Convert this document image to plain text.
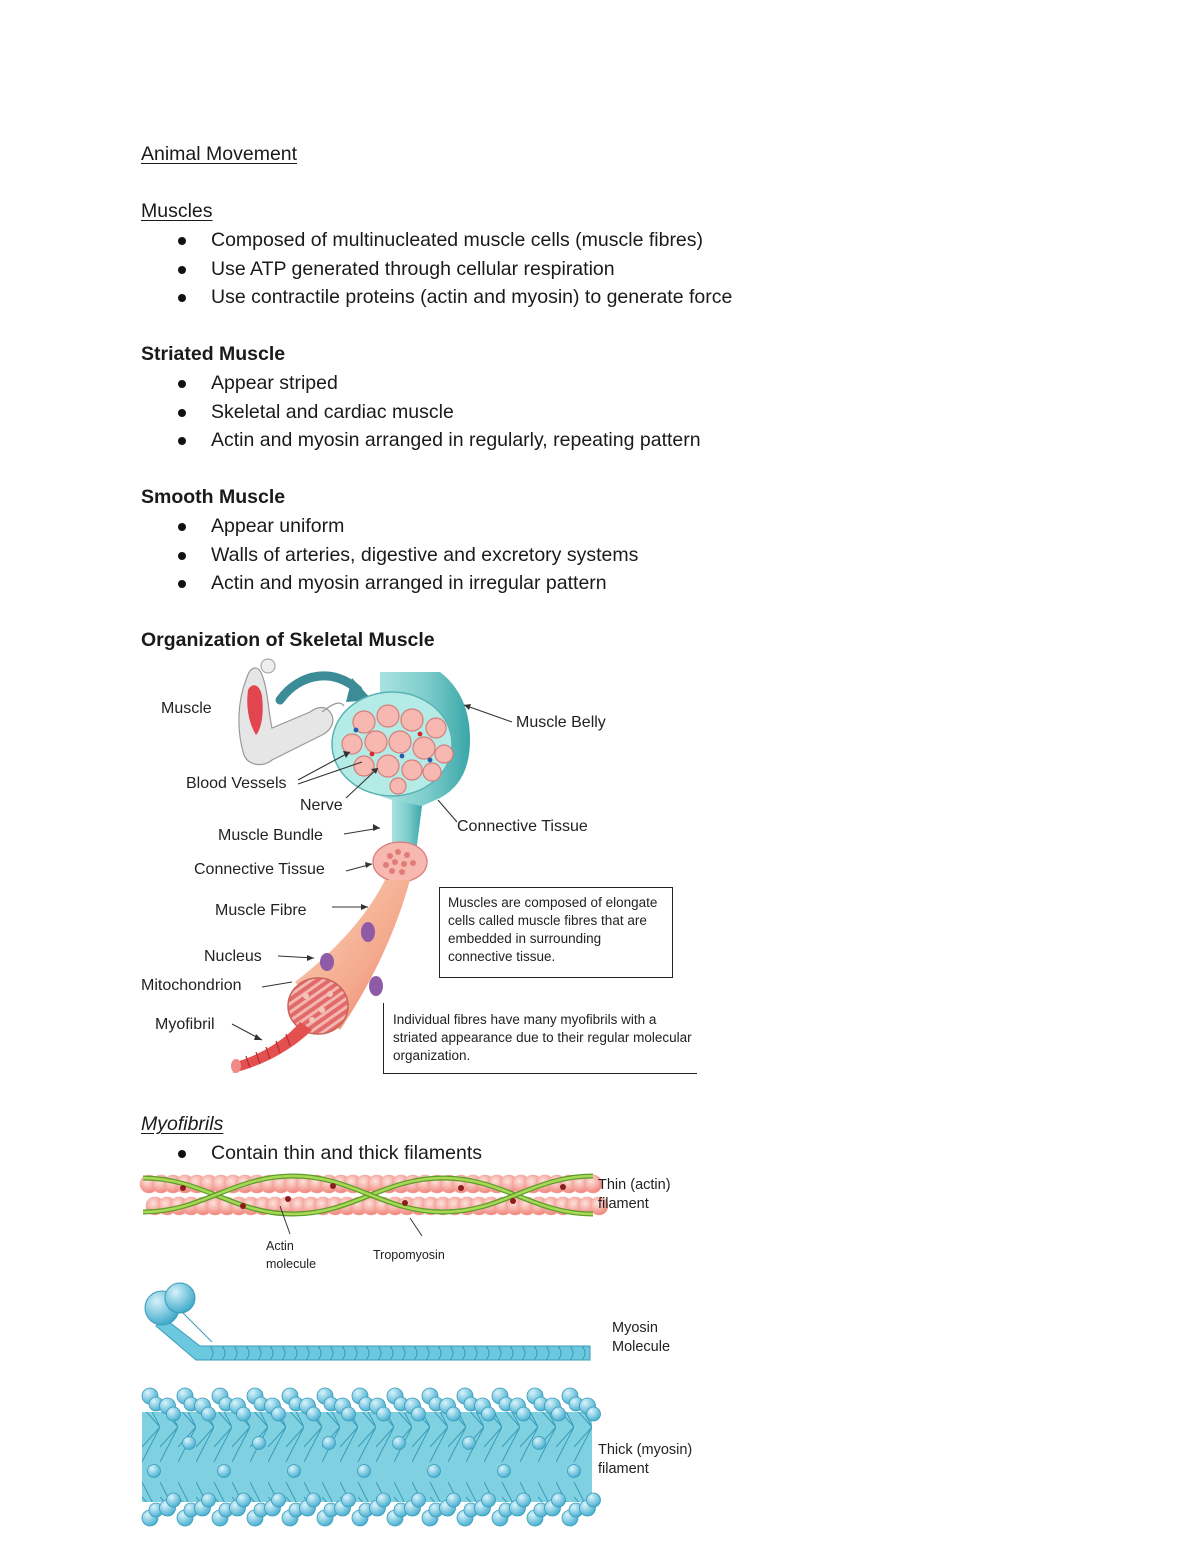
Animal Movement
Muscles
Composed of multinucleated muscle cells (muscle fibres)
Use ATP generated through cellular respiration
Use contractile proteins (actin and myosin) to generate force
Striated Muscle
Appear striped
Skeletal and cardiac muscle
Actin and myosin arranged in regularly, repeating pattern
Smooth Muscle
Appear uniform
Walls of arteries, digestive and excretory systems
Actin and myosin arranged in irregular pattern
Organization of Skeletal Muscle
Muscle
Muscle Belly
Blood Vessels
Nerve
Connective Tissue
Muscle Bundle
Connective Tissue
Muscle Fibre
Nucleus
Mitochondrion
Myofibril
Muscles are composed of elongate cells called muscle fibres that are embedded in surrounding connective tissue.
Individual fibres have many myofibrils with a striated appearance due to their regular molecular organization.
Myofibrils
Contain thin and thick filaments
Actin molecule
Tropomyosin
Thin (actin) filament
Myosin Molecule
Thick (myosin) filament
